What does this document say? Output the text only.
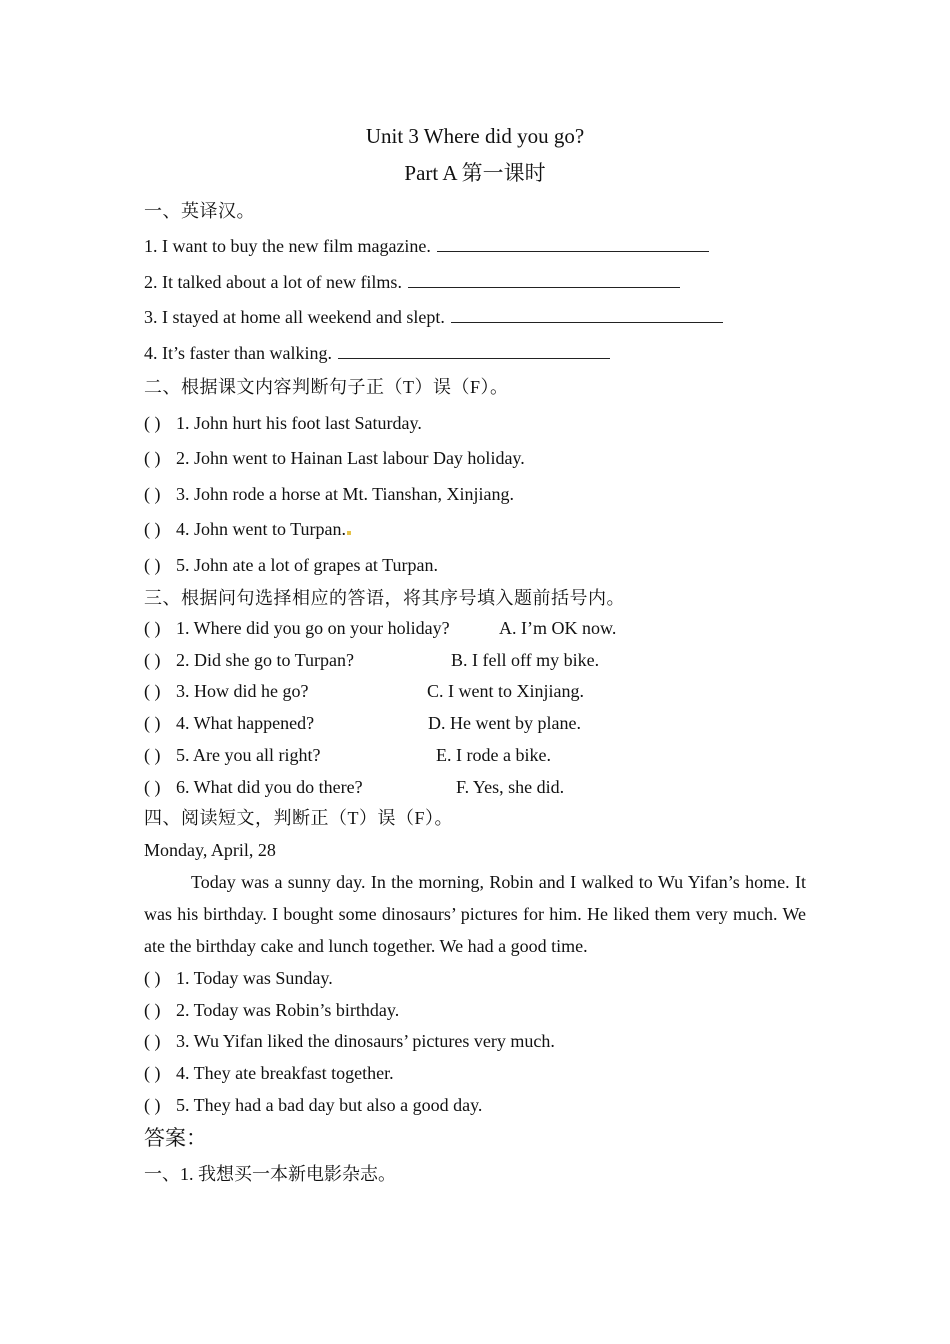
Unit 3 Where did you go?
Part A 第一课时
一、英译汉。
1. I want to buy the new film magazine.
2. It talked about a lot of new films.
3. I stayed at home all weekend and slept.
4. It’s faster than walking.
二、根据课文内容判断句子正（T）误（F）。
( ) 1. John hurt his foot last Saturday.
( ) 2. John went to Hainan Last labour Day holiday.
( ) 3. John rode a horse at Mt. Tianshan, Xinjiang.
( ) 4. John went to Turpan.
( ) 5. John ate a lot of grapes at Turpan.
三、根据问句选择相应的答语，将其序号填入题前括号内。
( ) 1. Where did you go on your holiday?	A. I’m OK now.
( ) 2. Did she go to Turpan?	B. I fell off my bike.
( ) 3. How did he go?	C. I went to Xinjiang.
( ) 4. What happened?	D. He went by plane.
( ) 5. Are you all right?	E. I rode a bike.
( ) 6. What did you do there?	F. Yes, she did.
四、阅读短文，判断正（T）误（F）。
Monday, April, 28
Today was a sunny day. In the morning, Robin and I walked to Wu Yifan’s home. It was his birthday. I bought some dinosaurs’ pictures for him. He liked them very much. We ate the birthday cake and lunch together. We had a good time.
( ) 1. Today was Sunday.
( ) 2. Today was Robin’s birthday.
( ) 3. Wu Yifan liked the dinosaurs’ pictures very much.
( ) 4. They ate breakfast together.
( ) 5. They had a bad day but also a good day.
答案：
一、1. 我想买一本新电影杂志。
